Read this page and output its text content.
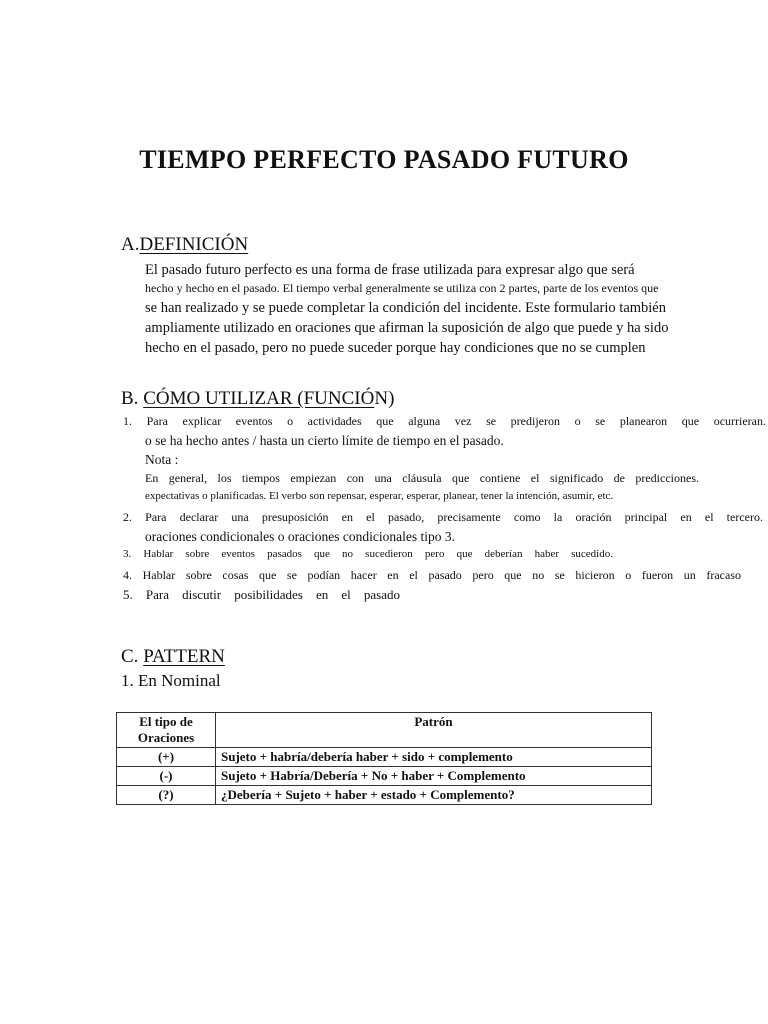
TIEMPO PERFECTO PASADO FUTURO
A.DEFINICIÓN
El pasado futuro perfecto es una forma de frase utilizada para expresar algo que será
hecho y hecho en el pasado. El tiempo verbal generalmente se utiliza con 2 partes, parte de los eventos que
se han realizado y se puede completar la condición del incidente. Este formulario también
ampliamente utilizado en oraciones que afirman la suposición de algo que puede y ha sido
hecho en el pasado, pero no puede suceder porque hay condiciones que no se cumplen
B. CÓMO UTILIZAR (FUNCIÓN)
1. Para explicar eventos o actividades que alguna vez se predijeron o se planearon que ocurrieran.
o se ha hecho antes / hasta un cierto límite de tiempo en el pasado.
Nota :
En general, los tiempos empiezan con una cláusula que contiene el significado de predicciones.
expectativas o planificadas. El verbo son repensar, esperar, esperar, planear, tener la intención, asumir, etc.
2. Para declarar una presuposición en el pasado, precisamente como la oración principal en el tercero.
oraciones condicionales o oraciones condicionales tipo 3.
3. Hablar sobre eventos pasados que no sucedieron pero que deberían haber sucedido.
4. Hablar sobre cosas que se podían hacer en el pasado pero que no se hicieron o fueron un fracaso
5. Para discutir posibilidades en el pasado
C. PATTERN
1. En Nominal
El tipo de
Oraciones	Patrón
(+)	Sujeto + habría/debería haber + sido + complemento
(-)	Sujeto + Habría/Debería + No + haber + Complemento
(?)	¿Debería + Sujeto + haber + estado + Complemento?
